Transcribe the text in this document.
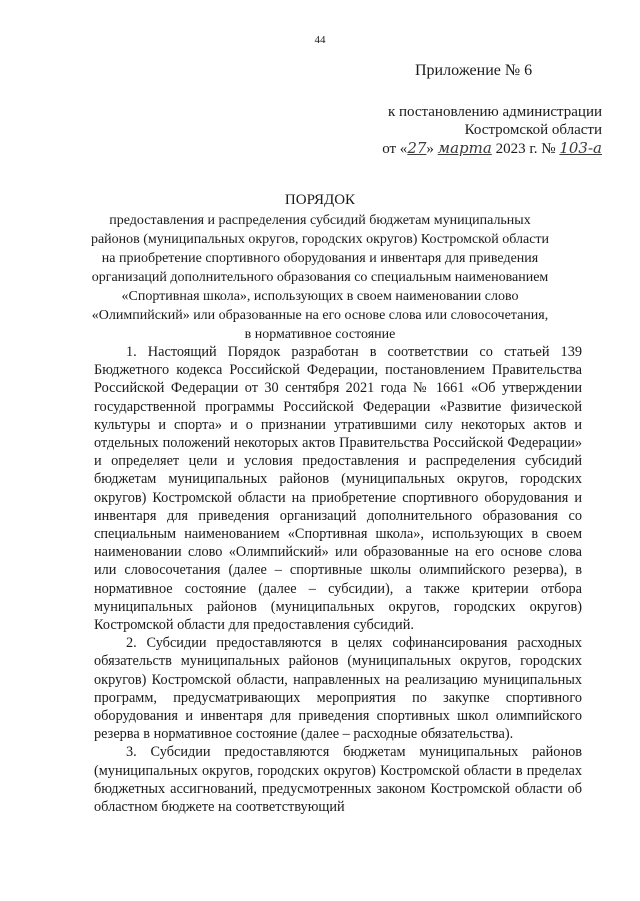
44
Приложение № 6
к постановлению администрации
Костромской области
от «27» марта 2023 г. № 103-а
ПОРЯДОК
предоставления и распределения субсидий бюджетам муниципальных районов (муниципальных округов, городских округов) Костромской области на приобретение спортивного оборудования и инвентаря для приведения организаций дополнительного образования со специальным наименованием «Спортивная школа», использующих в своем наименовании слово «Олимпийский» или образованные на его основе слова или словосочетания, в нормативное состояние

1. Настоящий Порядок разработан в соответствии со статьей 139 Бюджетного кодекса Российской Федерации, постановлением Правительства Российской Федерации от 30 сентября 2021 года № 1661 «Об утверждении государственной программы Российской Федерации «Развитие физической культуры и спорта» и о признании утратившими силу некоторых актов и отдельных положений некоторых актов Правительства Российской Федерации» и определяет цели и условия предоставления и распределения субсидий бюджетам муниципальных районов (муниципальных округов, городских округов) Костромской области на приобретение спортивного оборудования и инвентаря для приведения организаций дополнительного образования со специальным наименованием «Спортивная школа», использующих в своем наименовании слово «Олимпийский» или образованные на его основе слова или словосочетания (далее – спортивные школы олимпийского резерва), в нормативное состояние (далее – субсидии), а также критерии отбора муниципальных районов (муниципальных округов, городских округов) Костромской области для предоставления субсидий.

2. Субсидии предоставляются в целях софинансирования расходных обязательств муниципальных районов (муниципальных округов, городских округов) Костромской области, направленных на реализацию муниципальных программ, предусматривающих мероприятия по закупке спортивного оборудования и инвентаря для приведения спортивных школ олимпийского резерва в нормативное состояние (далее – расходные обязательства).

3. Субсидии предоставляются бюджетам муниципальных районов (муниципальных округов, городских округов) Костромской области в пределах бюджетных ассигнований, предусмотренных законом Костромской области об областном бюджете на соответствующий
